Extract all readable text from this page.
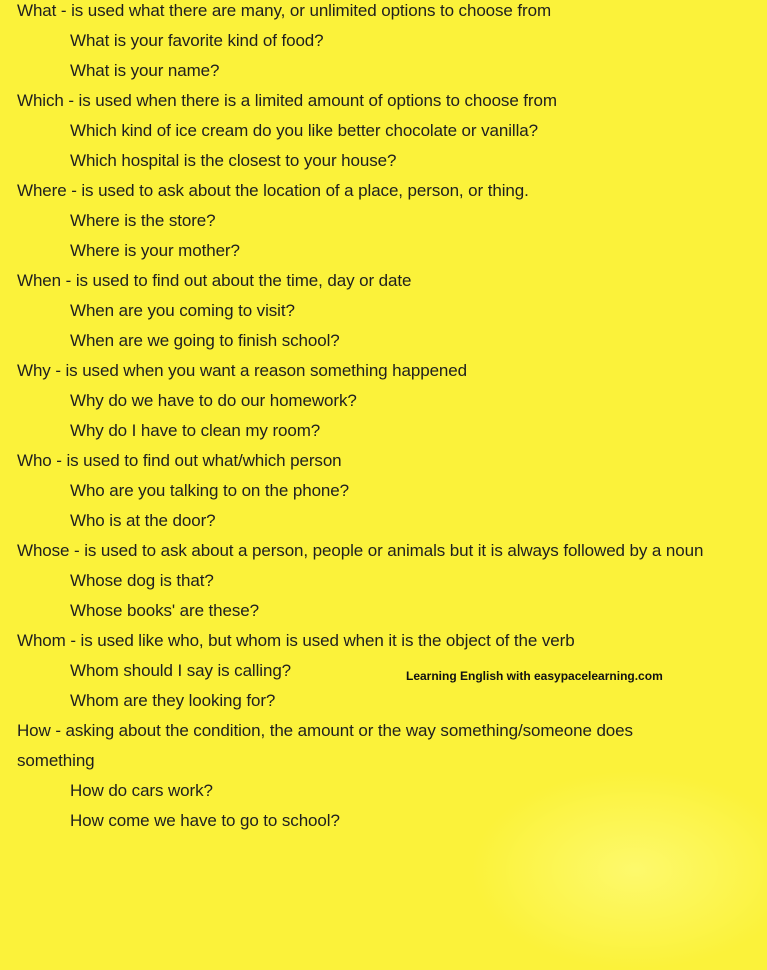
What - is used what there are many, or unlimited options to choose from
What is your favorite kind of food?
What is your name?
Which - is used when there is a limited amount of options to choose from
Which kind of ice cream do you like better chocolate or vanilla?
Which hospital is the closest to your house?
Where - is used to ask about the location of a place, person, or thing.
Where is the store?
Where is your mother?
When - is used to find out about the time, day or date
When are you coming to visit?
When are we going to finish school?
Why - is used when you want a reason something happened
Why do we have to do our homework?
Why do I have to clean my room?
Who - is used to find out what/which person
Who are you talking to on the phone?
Who is at the door?
Whose - is used to ask about a person, people or animals but it is always followed by a noun
Whose dog is that?
Whose books' are these?
Whom - is used like who, but whom is used when it is the object of the verb
Whom should I say is calling?
Whom are they looking for?
How - asking about the condition, the amount or the way something/someone does
something
How do cars work?
How come we have to go to school?
Learning English with easypacelearning.com
